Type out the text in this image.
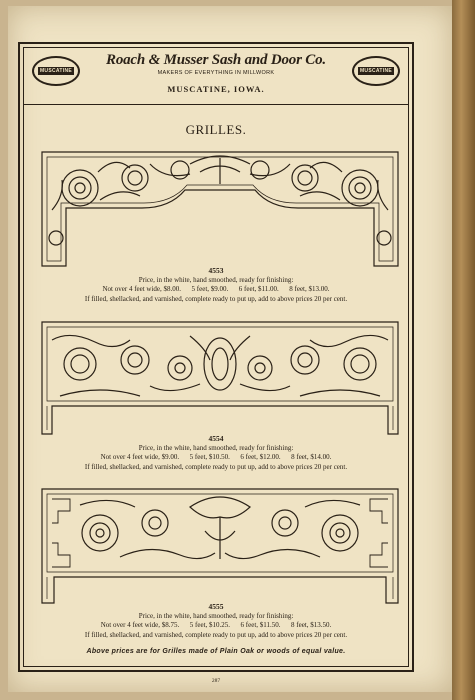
MUSCATINE
Roach & Musser Sash and Door Co.
MAKERS OF EVERYTHING IN MILLWORK
MUSCATINE, IOWA.
MUSCATINE
GRILLES.
4553
Price, in the white, hand smoothed, ready for finishing:
Not over 4 feet wide, $8.00.      5 feet, $9.00.      6 feet, $11.00.      8 feet, $13.00.
If filled, shellacked, and varnished, complete ready to put up, add to above prices 20 per cent.
4554
Price, in the white, hand smoothed, ready for finishing:
Not over 4 feet wide, $9.00.      5 feet, $10.50.      6 feet, $12.00.      8 feet, $14.00.
If filled, shellacked, and varnished, complete ready to put up, add to above prices 20 per cent.
4555
Price, in the white, hand smoothed, ready for finishing:
Not over 4 feet wide, $8.75.      5 feet, $10.25.      6 feet, $11.50.      8 feet, $13.50.
If filled, shellacked, and varnished, complete ready to put up, add to above prices 20 per cent.
Above prices are for Grilles made of Plain Oak or woods of equal value.
287
